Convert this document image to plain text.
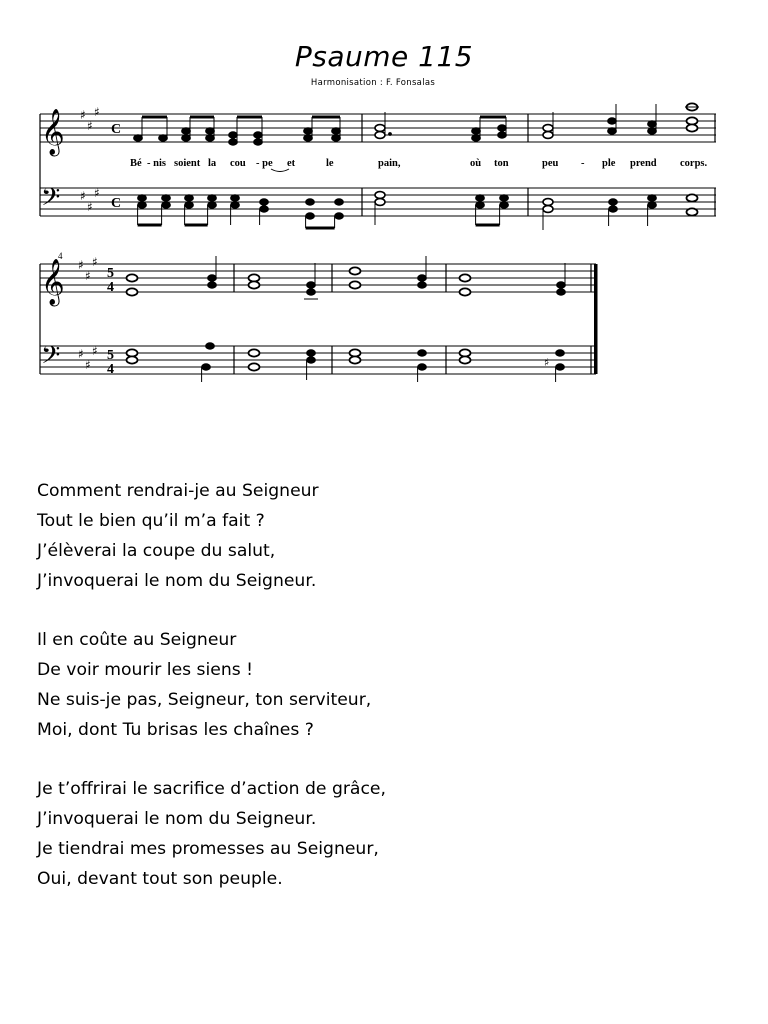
Psaume 115
Harmonisation : F. Fonsalas
𝄞
𝄢
♯
♯
♯
♯
♯
♯
C
C
Bé - nis soient la cou - pe et	le	pain,	où ton	peu - ple prend corps.
4
𝄞
𝄢
♯
♯
♯
♯
♯
♯
5
4
5
4	♯
Comment rendrai-je au Seigneur
Tout le bien qu’il m’a fait ?
J’élèverai la coupe du salut,
J’invoquerai le nom du Seigneur.
Il en coûte au Seigneur
De voir mourir les siens !
Ne suis-je pas, Seigneur, ton serviteur,
Moi, dont Tu brisas les chaînes ?
Je t’offrirai le sacrifice d’action de grâce,
J’invoquerai le nom du Seigneur.
Je tiendrai mes promesses au Seigneur,
Oui, devant tout son peuple.
